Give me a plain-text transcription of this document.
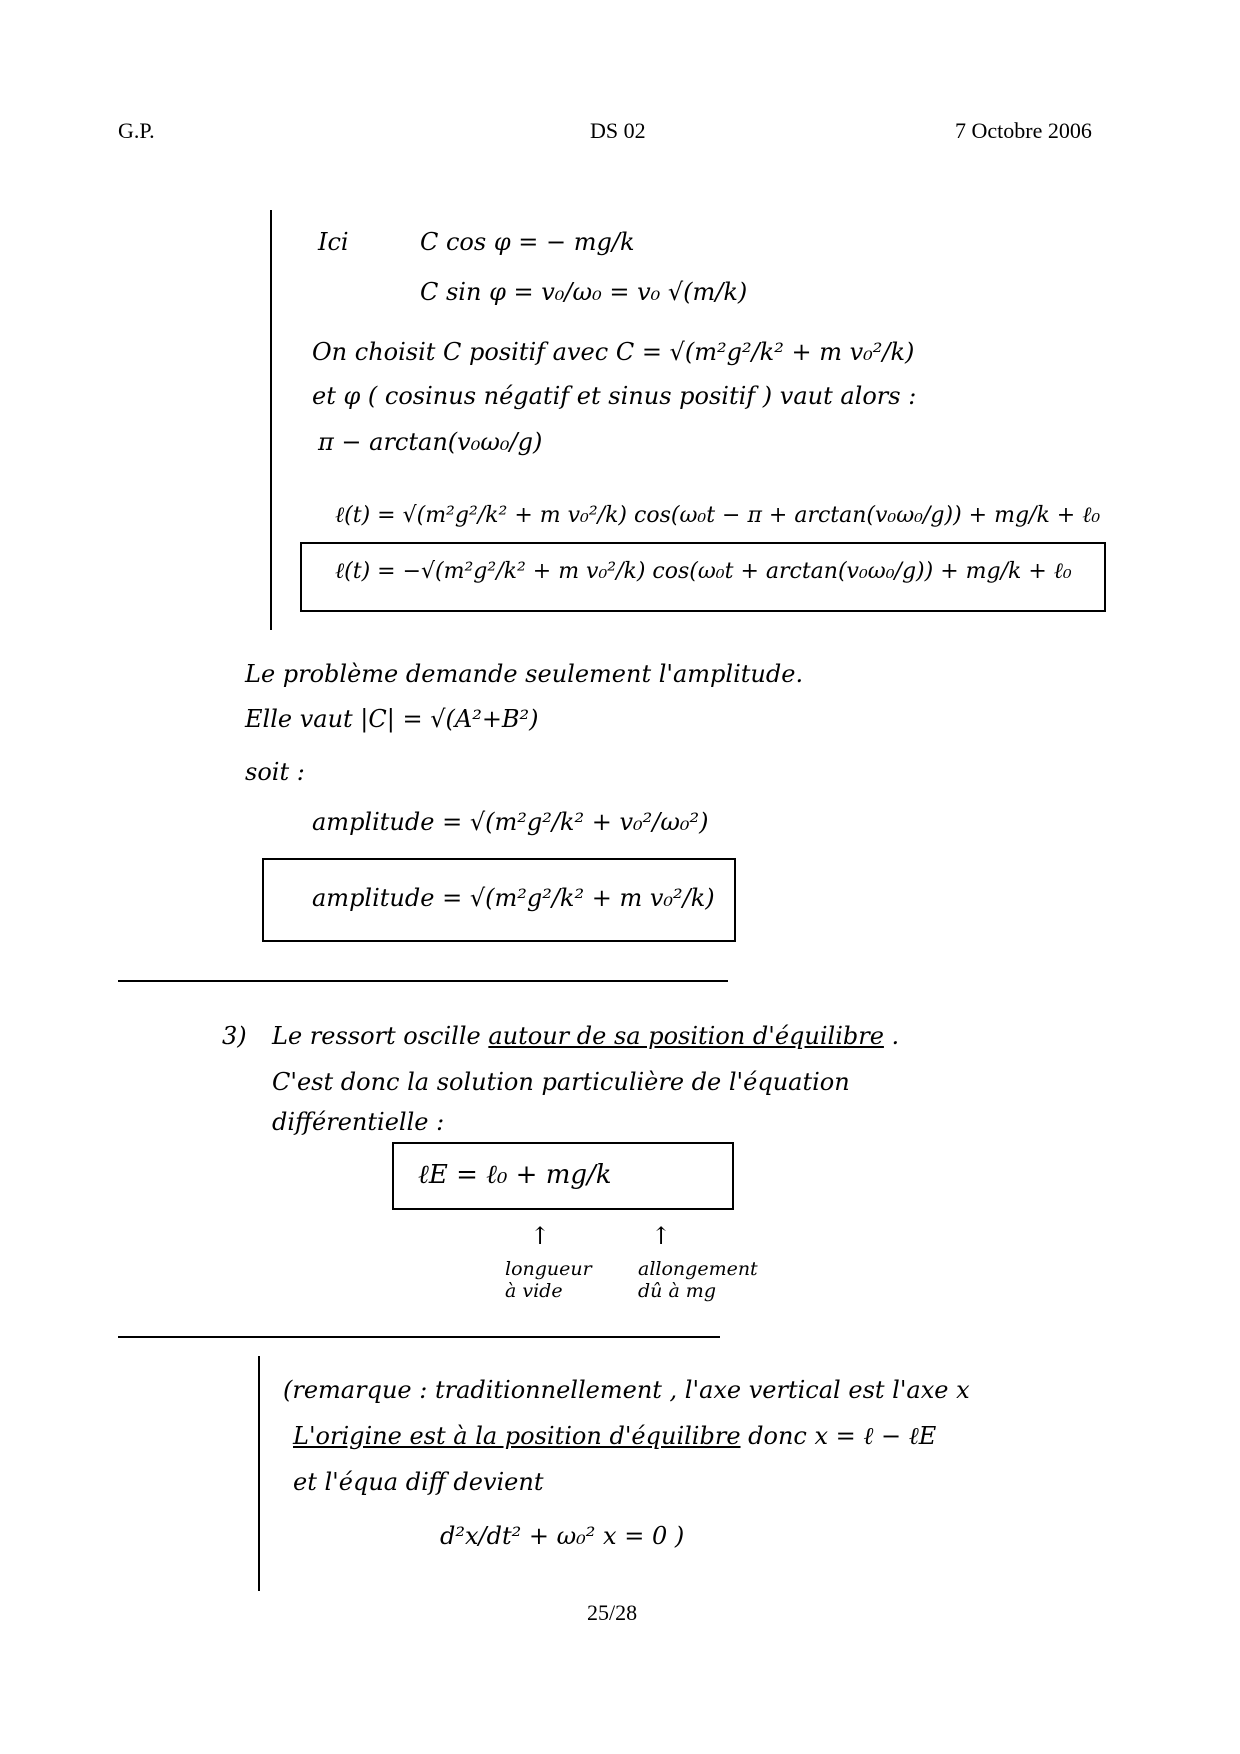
G.P.	DS 02	7 Octobre 2006
Ici	C cos φ = − mg/k
C sin φ = v₀/ω₀ = v₀ √(m/k)
On choisit C positif avec C = √(m²g²/k² + m v₀²/k)
et φ ( cosinus négatif et sinus positif ) vaut alors :
π − arctan(v₀ω₀/g)
ℓ(t) = √(m²g²/k² + m v₀²/k) cos(ω₀t − π + arctan(v₀ω₀/g)) + mg/k + ℓ₀
ℓ(t) = −√(m²g²/k² + m v₀²/k) cos(ω₀t + arctan(v₀ω₀/g)) + mg/k + ℓ₀
Le problème demande seulement l'amplitude.
Elle vaut |C| = √(A²+B²)
soit :
amplitude = √(m²g²/k² + v₀²/ω₀²)
amplitude = √(m²g²/k² + m v₀²/k)
3) Le ressort oscille autour de sa position d'équilibre .
C'est donc la solution particulière de l'équation
différentielle :
ℓE = ℓ₀ + mg/k
↑	↑
longueur
à vide
allongement
dû à mg
(remarque : traditionnellement , l'axe vertical est l'axe x
L'origine est à la position d'équilibre donc x = ℓ − ℓE
et l'équa diff devient
d²x/dt² + ω₀² x = 0 )
25/28
